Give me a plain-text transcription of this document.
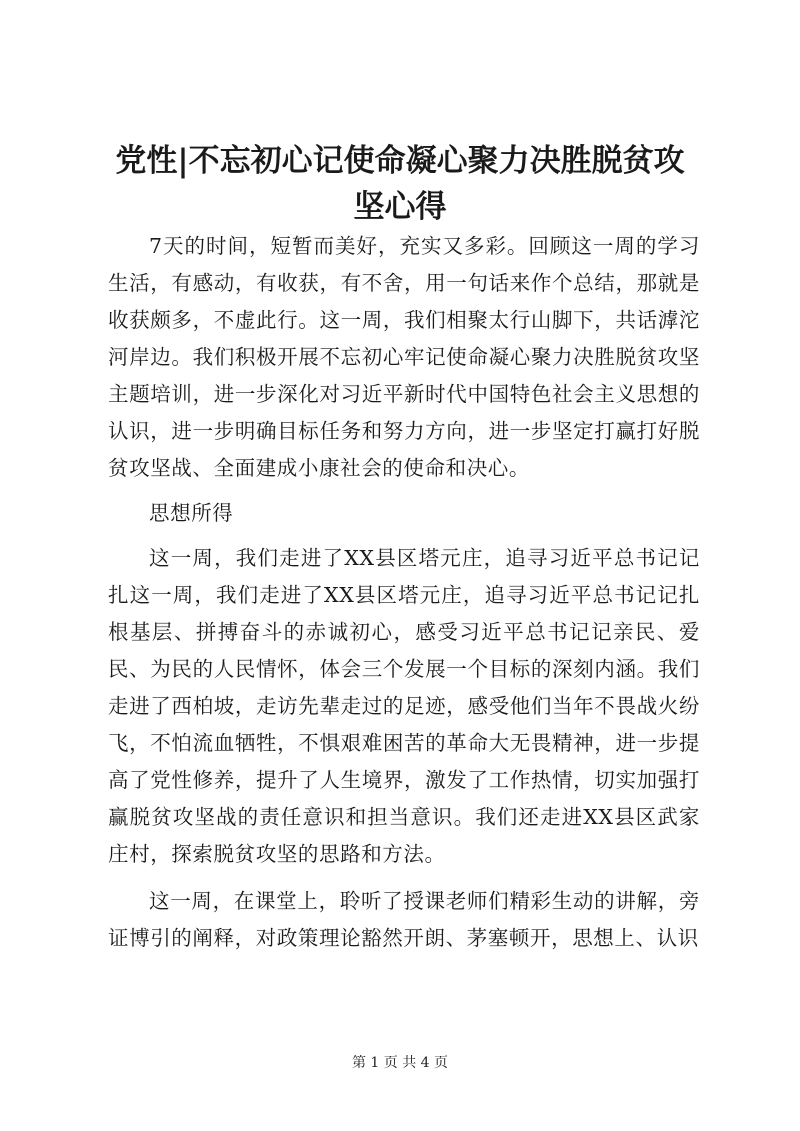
党性|不忘初心记使命凝心聚力决胜脱贫攻坚心得

7天的时间，短暂而美好，充实又多彩。回顾这一周的学习生活，有感动，有收获，有不舍，用一句话来作个总结，那就是收获颇多，不虚此行。这一周，我们相聚太行山脚下，共话滹沱河岸边。我们积极开展不忘初心牢记使命凝心聚力决胜脱贫攻坚主题培训，进一步深化对习近平新时代中国特色社会主义思想的认识，进一步明确目标任务和努力方向，进一步坚定打赢打好脱贫攻坚战、全面建成小康社会的使命和决心。

思想所得

这一周，我们走进了XX县区塔元庄，追寻习近平总书记记扎这一周，我们走进了XX县区塔元庄，追寻习近平总书记记扎根基层、拼搏奋斗的赤诚初心，感受习近平总书记记亲民、爱民、为民的人民情怀，体会三个发展一个目标的深刻内涵。我们走进了西柏坡，走访先辈走过的足迹，感受他们当年不畏战火纷飞，不怕流血牺牲，不惧艰难困苦的革命大无畏精神，进一步提高了党性修养，提升了人生境界，激发了工作热情，切实加强打赢脱贫攻坚战的责任意识和担当意识。我们还走进XX县区武家庄村，探索脱贫攻坚的思路和方法。

这一周，在课堂上，聆听了授课老师们精彩生动的讲解，旁证博引的阐释，对政策理论豁然开朗、茅塞顿开，思想上、认识

第 1 页 共 4 页
